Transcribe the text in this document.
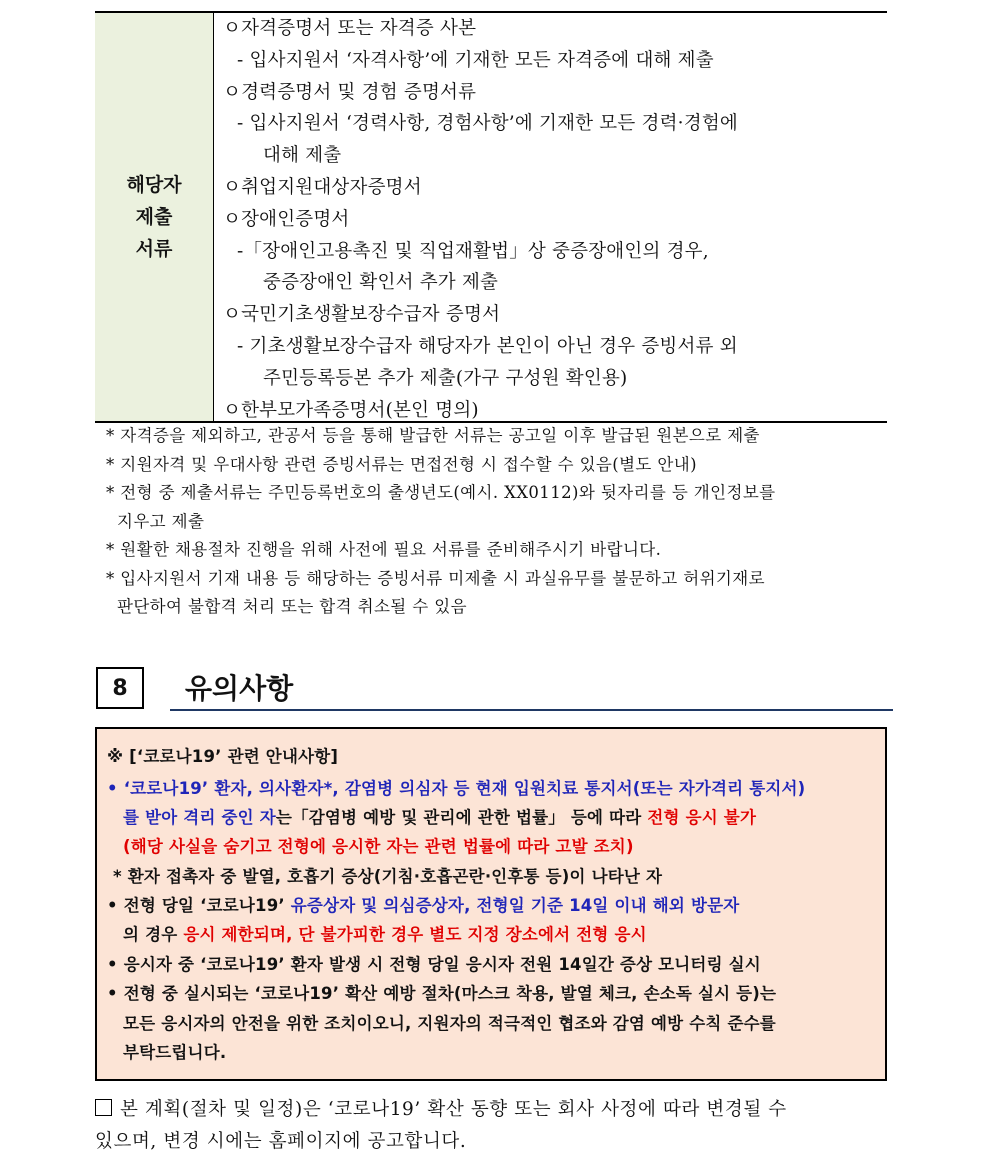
해당자
제출
서류
ㅇ자격증명서 또는 자격증 사본
- 입사지원서 ‘자격사항’에 기재한 모든 자격증에 대해 제출
ㅇ경력증명서 및 경험 증명서류
- 입사지원서 ‘경력사항, 경험사항’에 기재한 모든 경력·경험에
대해 제출
ㅇ취업지원대상자증명서
ㅇ장애인증명서
-「장애인고용촉진 및 직업재활법」상 중증장애인의 경우,
중증장애인 확인서 추가 제출
ㅇ국민기초생활보장수급자 증명서
- 기초생활보장수급자 해당자가 본인이 아닌 경우 증빙서류 외
주민등록등본 추가 제출(가구 구성원 확인용)
ㅇ한부모가족증명서(본인 명의)
* 자격증을 제외하고, 관공서 등을 통해 발급한 서류는 공고일 이후 발급된 원본으로 제출
* 지원자격 및 우대사항 관련 증빙서류는 면접전형 시 접수할 수 있음(별도 안내)
* 전형 중 제출서류는 주민등록번호의 출생년도(예시. XX0112)와 뒷자리를 등 개인정보를
지우고 제출
* 원활한 채용절차 진행을 위해 사전에 필요 서류를 준비해주시기 바랍니다.
* 입사지원서 기재 내용 등 해당하는 증빙서류 미제출 시 과실유무를 불문하고 허위기재로
판단하여 불합격 처리 또는 합격 취소될 수 있음
8	유의사항
※ [‘코로나19’ 관련 안내사항]
• ‘코로나19’ 환자, 의사환자*, 감염병 의심자 등 현재 입원치료 통지서(또는 자가격리 통지서)
를 받아 격리 중인 자는「감염병 예방 및 관리에 관한 법률」 등에 따라 전형 응시 불가
(해당 사실을 숨기고 전형에 응시한 자는 관련 법률에 따라 고발 조치)
* 환자 접촉자 중 발열, 호흡기 증상(기침·호흡곤란·인후통 등)이 나타난 자
• 전형 당일 ‘코로나19’ 유증상자 및 의심증상자, 전형일 기준 14일 이내 해외 방문자
의 경우 응시 제한되며, 단 불가피한 경우 별도 지정 장소에서 전형 응시
• 응시자 중 ‘코로나19’ 환자 발생 시 전형 당일 응시자 전원 14일간 증상 모니터링 실시
• 전형 중 실시되는 ‘코로나19’ 확산 예방 절차(마스크 착용, 발열 체크, 손소독 실시 등)는
모든 응시자의 안전을 위한 조치이오니, 지원자의 적극적인 협조와 감염 예방 수칙 준수를
부탁드립니다.
본 계획(절차 및 일정)은 ‘코로나19’ 확산 동향 또는 회사 사정에 따라 변경될 수
있으며, 변경 시에는 홈페이지에 공고합니다.
